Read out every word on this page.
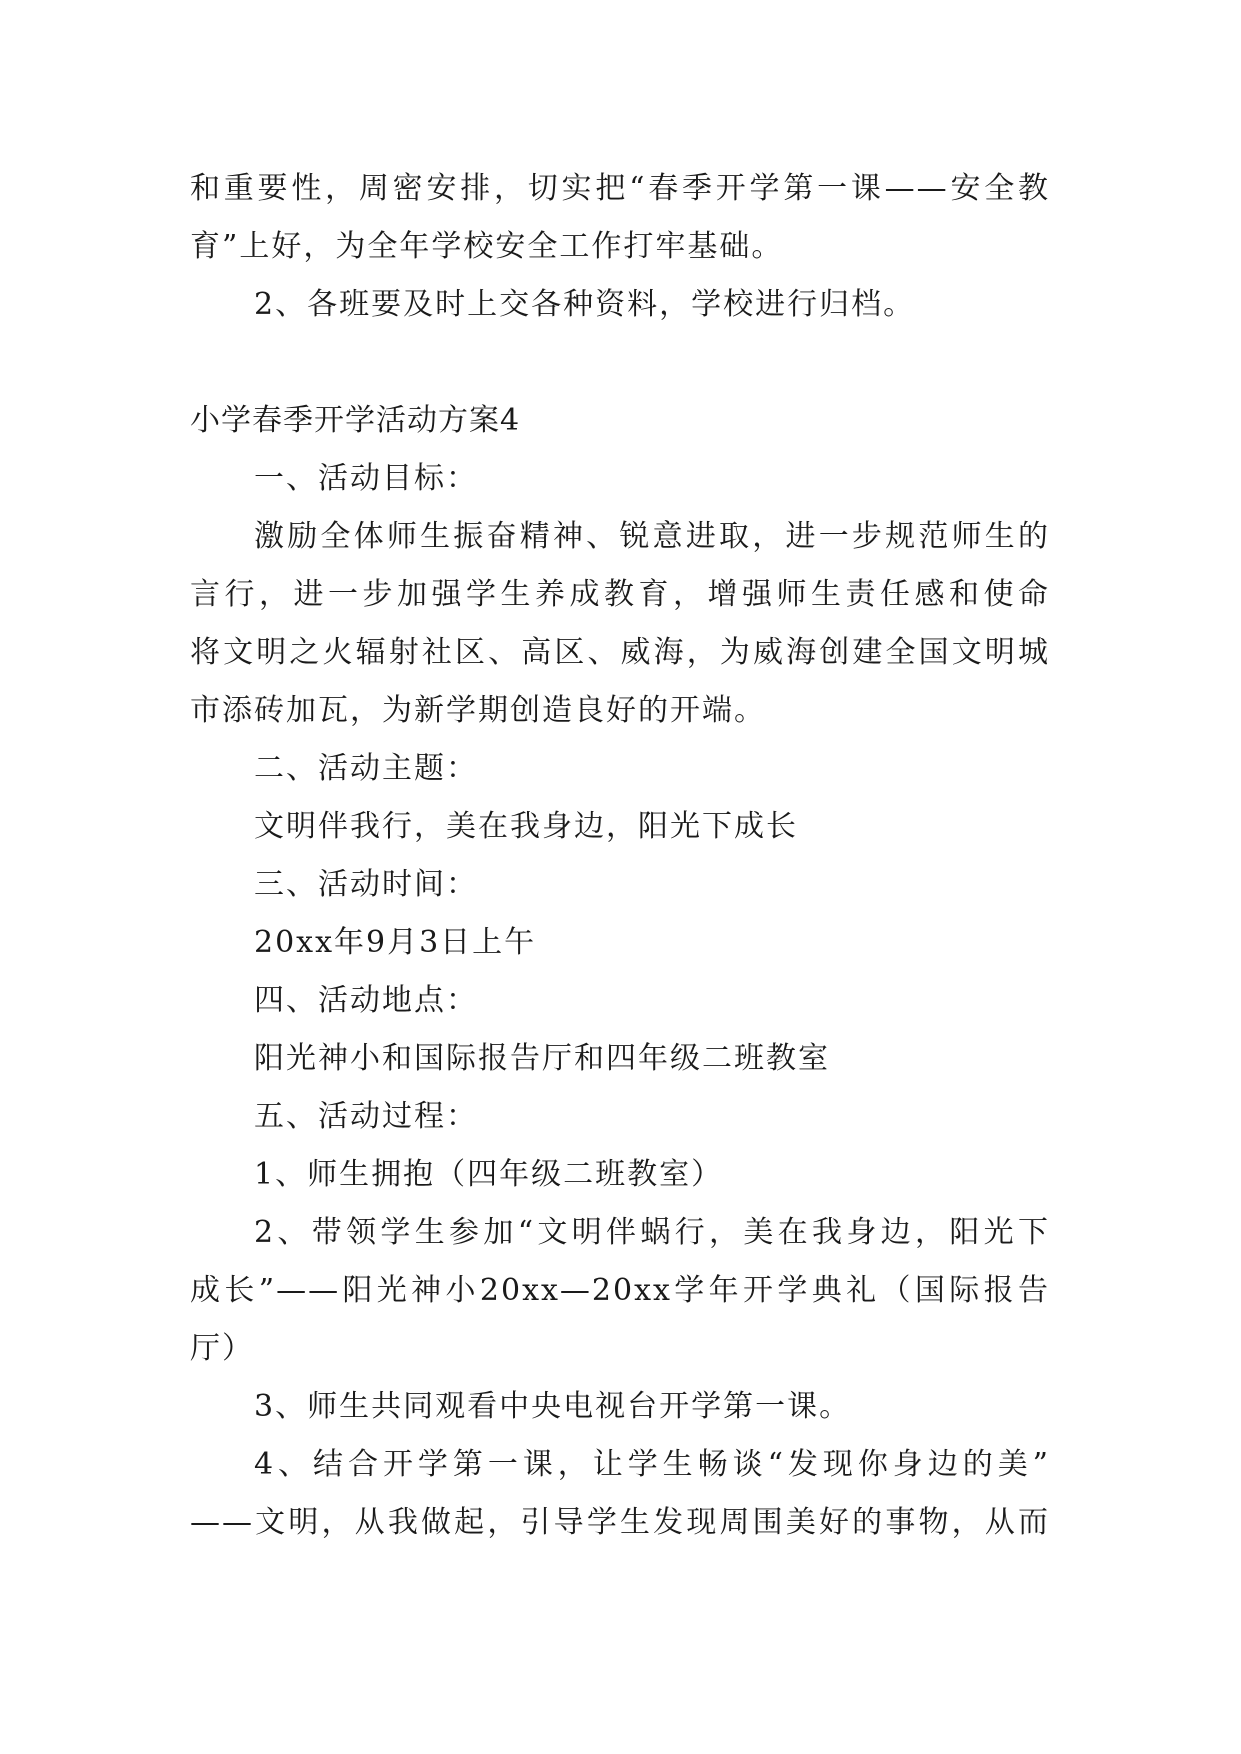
和重要性，周密安排，切实把“春季开学第一课——安全教
育”上好，为全年学校安全工作打牢基础。
2、各班要及时上交各种资料，学校进行归档。
小学春季开学活动方案4
一、活动目标：
激励全体师生振奋精神、锐意进取，进一步规范师生的
言行，进一步加强学生养成教育，增强师生责任感和使命
将文明之火辐射社区、高区、威海，为威海创建全国文明城
市添砖加瓦，为新学期创造良好的开端。
二、活动主题：
文明伴我行，美在我身边，阳光下成长
三、活动时间：
20xx年9月3日上午
四、活动地点：
阳光神小和国际报告厅和四年级二班教室
五、活动过程：
1、师生拥抱（四年级二班教室）
2、带领学生参加“文明伴蜗行，美在我身边，阳光下
成长”——阳光神小20xx—20xx学年开学典礼（国际报告
厅）
3、师生共同观看中央电视台开学第一课。
4、结合开学第一课，让学生畅谈“发现你身边的美”
——文明，从我做起，引导学生发现周围美好的事物，从而
